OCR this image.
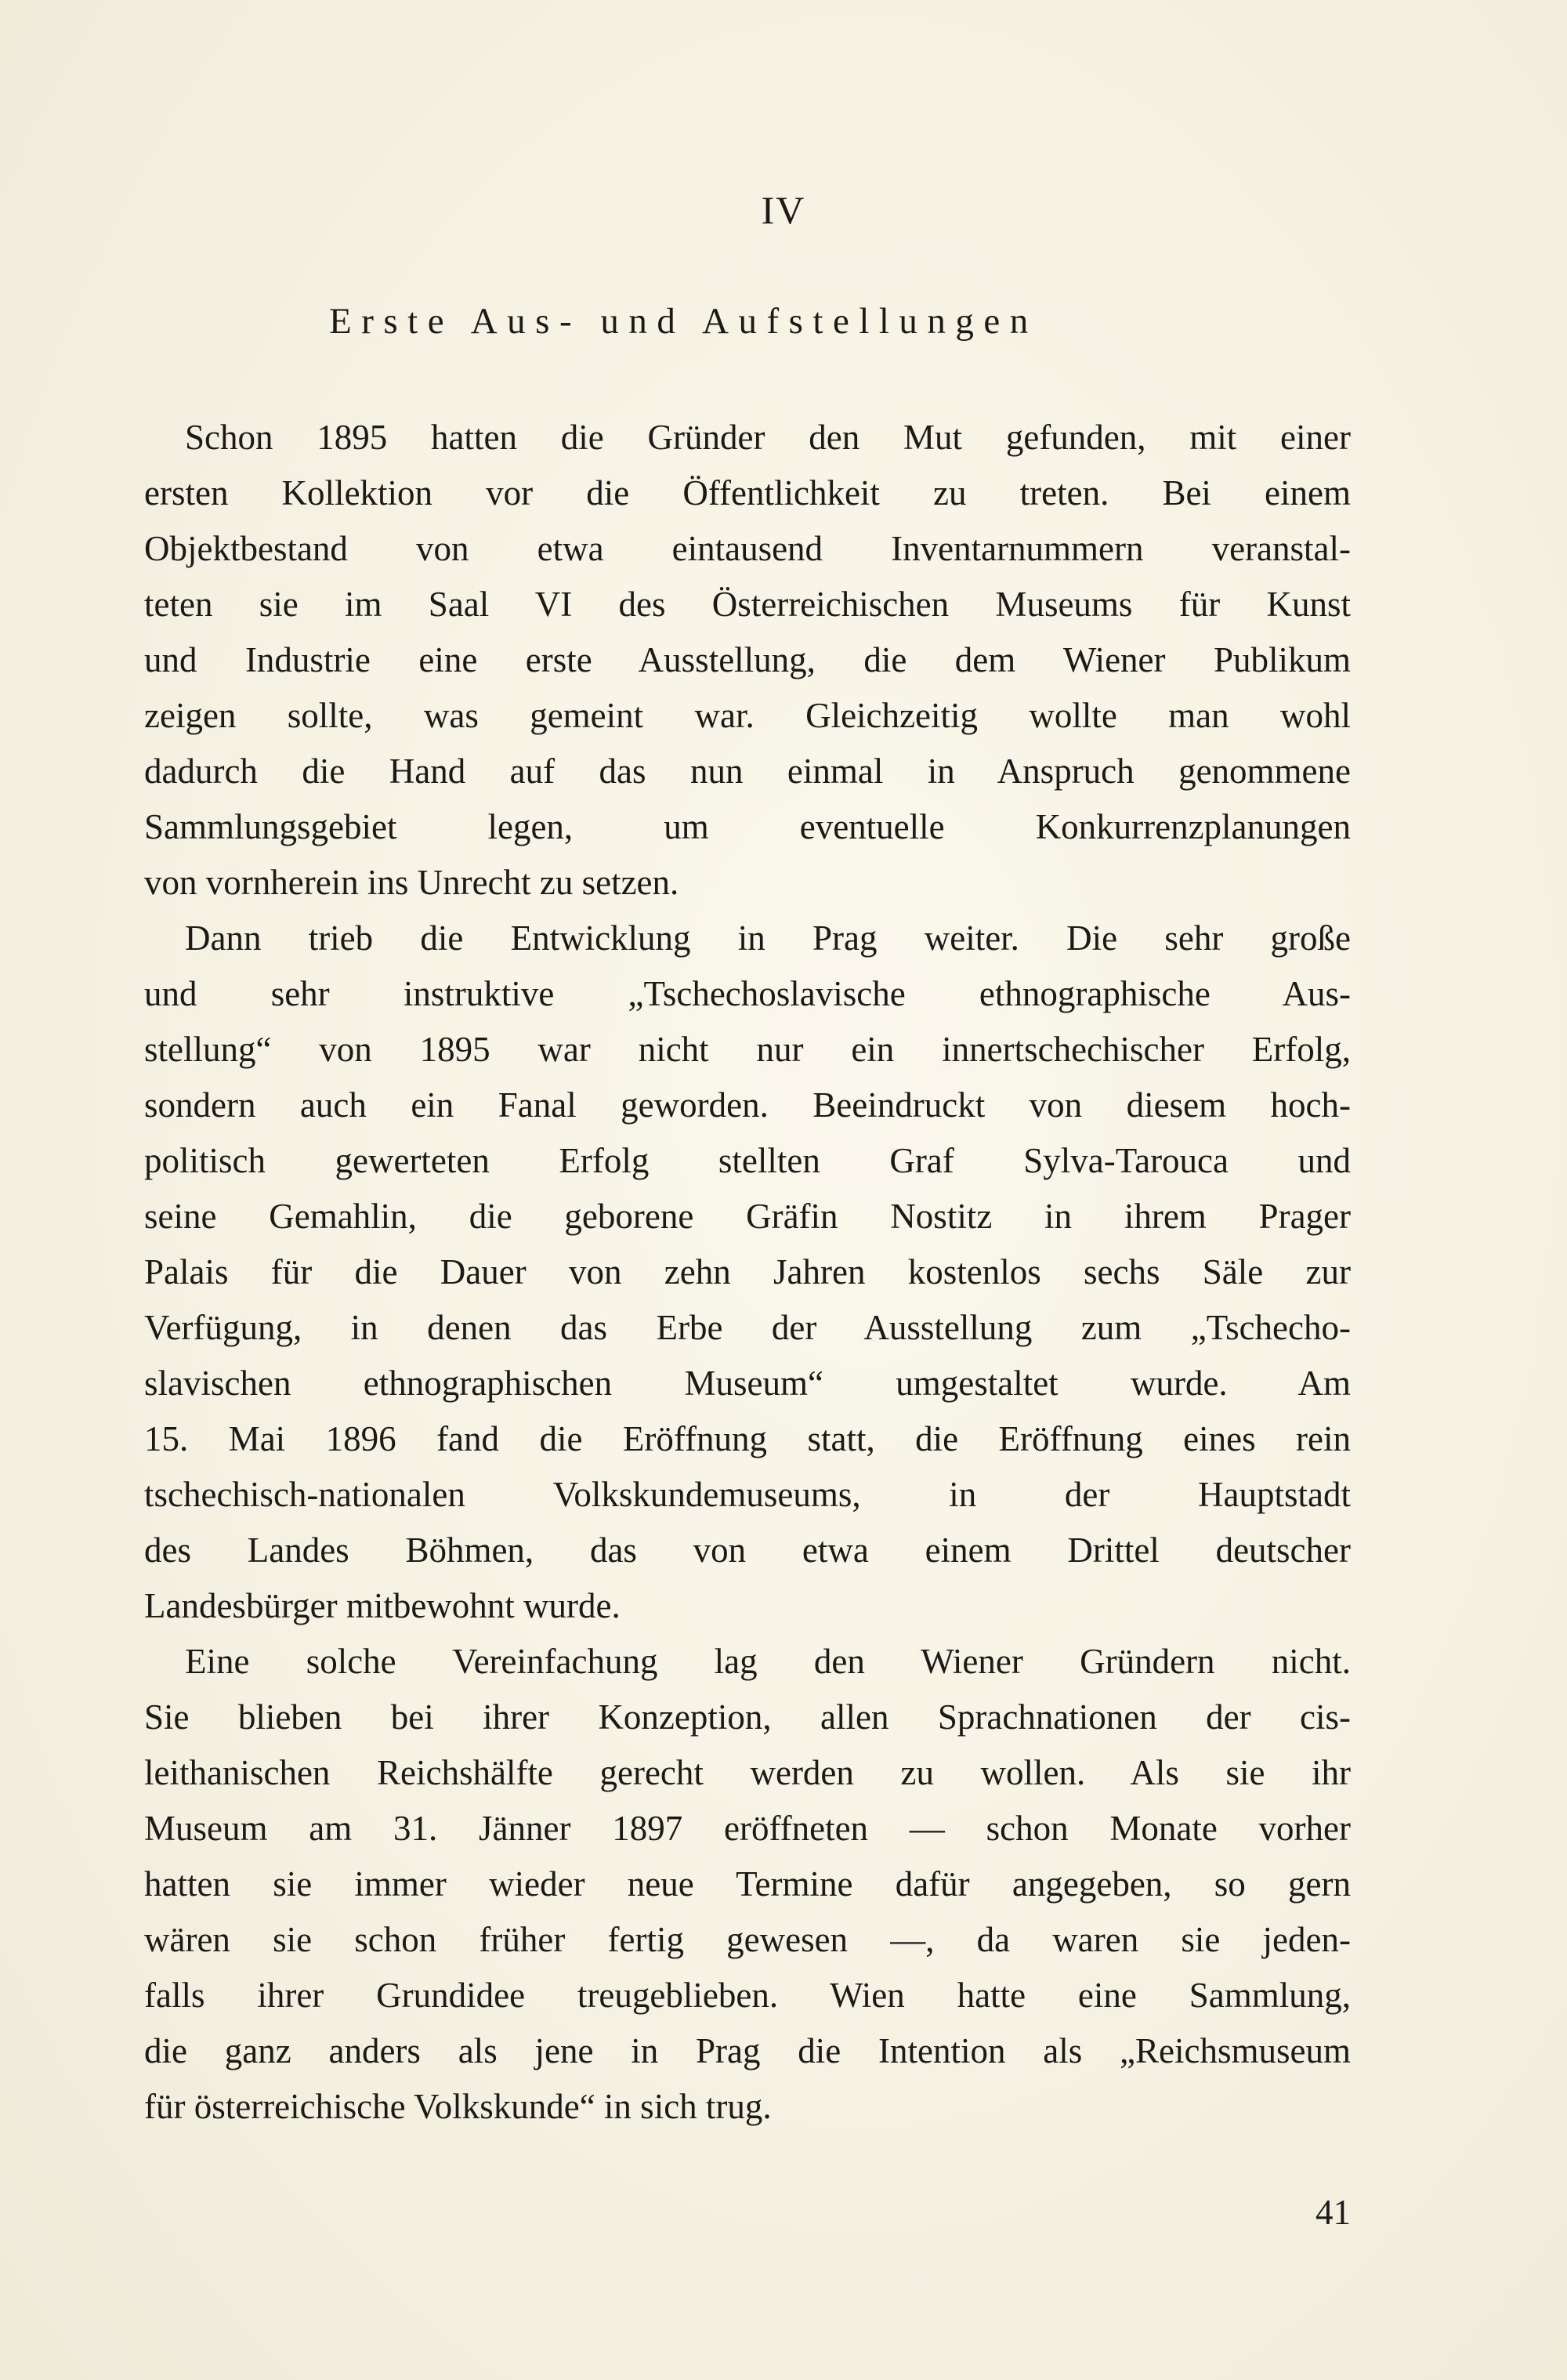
IV
Erste Aus- und Aufstellungen
Schon 1895 hatten die Gründer den Mut gefunden, mit einer
ersten Kollektion vor die Öffentlichkeit zu treten. Bei einem
Objektbestand von etwa eintausend Inventarnummern veranstal-
teten sie im Saal VI des Österreichischen Museums für Kunst
und Industrie eine erste Ausstellung, die dem Wiener Publikum
zeigen sollte, was gemeint war. Gleichzeitig wollte man wohl
dadurch die Hand auf das nun einmal in Anspruch genommene
Sammlungsgebiet legen, um eventuelle Konkurrenzplanungen
von vornherein ins Unrecht zu setzen.
Dann trieb die Entwicklung in Prag weiter. Die sehr große
und sehr instruktive „Tschechoslavische ethnographische Aus-
stellung“ von 1895 war nicht nur ein innertschechischer Erfolg,
sondern auch ein Fanal geworden. Beeindruckt von diesem hoch-
politisch gewerteten Erfolg stellten Graf Sylva-Tarouca und
seine Gemahlin, die geborene Gräfin Nostitz in ihrem Prager
Palais für die Dauer von zehn Jahren kostenlos sechs Säle zur
Verfügung, in denen das Erbe der Ausstellung zum „Tschecho-
slavischen ethnographischen Museum“ umgestaltet wurde. Am
15. Mai 1896 fand die Eröffnung statt, die Eröffnung eines rein
tschechisch-nationalen Volkskundemuseums, in der Hauptstadt
des Landes Böhmen, das von etwa einem Drittel deutscher
Landesbürger mitbewohnt wurde.
Eine solche Vereinfachung lag den Wiener Gründern nicht.
Sie blieben bei ihrer Konzeption, allen Sprachnationen der cis-
leithanischen Reichshälfte gerecht werden zu wollen. Als sie ihr
Museum am 31. Jänner 1897 eröffneten — schon Monate vorher
hatten sie immer wieder neue Termine dafür angegeben, so gern
wären sie schon früher fertig gewesen —, da waren sie jeden-
falls ihrer Grundidee treugeblieben. Wien hatte eine Sammlung,
die ganz anders als jene in Prag die Intention als „Reichsmuseum
für österreichische Volkskunde“ in sich trug.
41
